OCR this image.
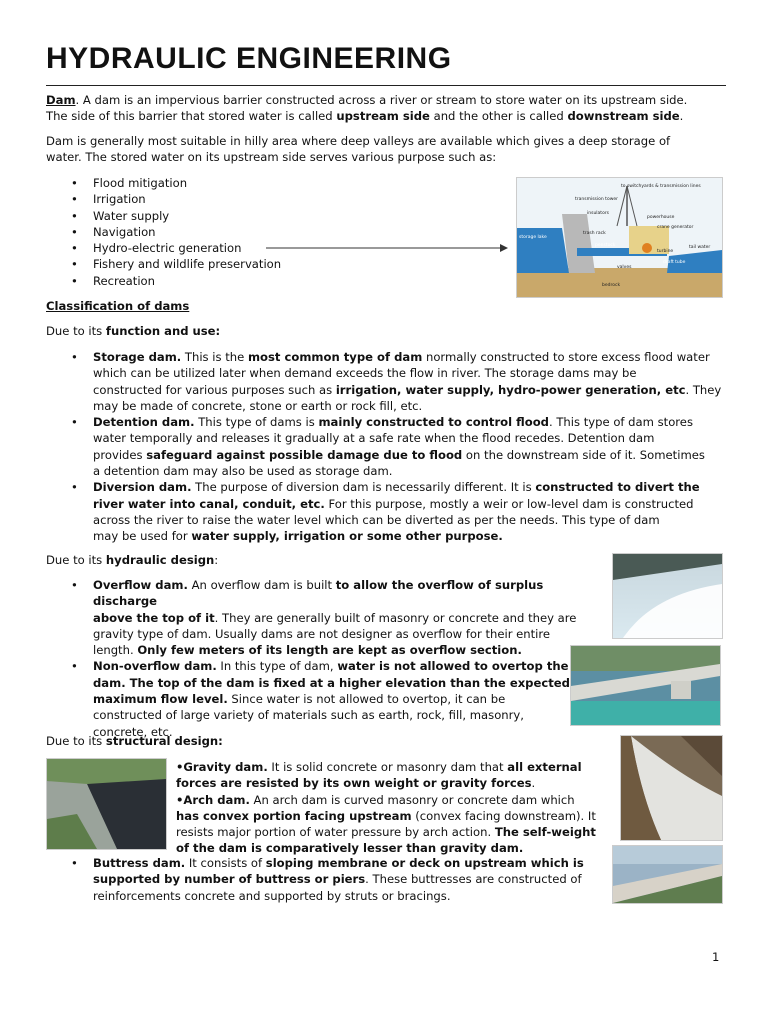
HYDRAULIC ENGINEERING
Dam. A dam is an impervious barrier constructed across a river or stream to store water on its upstream side.
The side of this barrier that stored water is called upstream side and the other is called downstream side.
Dam is generally most suitable in hilly area where deep valleys are available which gives a deep storage of
water. The stored water on its upstream side serves various purpose such as:
• Flood mitigation
• Irrigation
• Water supply
• Navigation
• Hydro-electric generation
• Fishery and wildlife preservation
• Recreation
to switchyards & transmission lines
transmission tower
insulators
powerhouse
crane generator
storage lake
trash rack
penstock
turbine
tail water
valves
draft tube
bedrock
Classification of dams
Due to its function and use:
• Storage dam. This is the most common type of dam normally constructed to store excess flood water
which can be utilized later when demand exceeds the flow in river. The storage dams may be
constructed for various purposes such as irrigation, water supply, hydro-power generation, etc. They
may be made of concrete, stone or earth or rock fill, etc.
• Detention dam. This type of dams is mainly constructed to control flood. This type of dam stores
water temporally and releases it gradually at a safe rate when the flood recedes. Detention dam
provides safeguard against possible damage due to flood on the downstream side of it. Sometimes
a detention dam may also be used as storage dam.
• Diversion dam. The purpose of diversion dam is necessarily different. It is constructed to divert the
river water into canal, conduit, etc. For this purpose, mostly a weir or low-level dam is constructed
across the river to raise the water level which can be diverted as per the needs. This type of dam
may be used for water supply, irrigation or some other purpose.
Due to its hydraulic design:
• Overflow dam. An overflow dam is built to allow the overflow of surplus discharge
above the top of it. They are generally built of masonry or concrete and they are
gravity type of dam. Usually dams are not designer as overflow for their entire
length. Only few meters of its length are kept as overflow section.
• Non-overflow dam. In this type of dam, water is not allowed to overtop the
dam. The top of the dam is fixed at a higher elevation than the expected
maximum flow level. Since water is not allowed to overtop, it can be
constructed of large variety of materials such as earth, rock, fill, masonry,
concrete, etc.
Due to its structural design:
•Gravity dam. It is solid concrete or masonry dam that all external
forces are resisted by its own weight or gravity forces.
•Arch dam. An arch dam is curved masonry or concrete dam which
has convex portion facing upstream (convex facing downstream). It
resists major portion of water pressure by arch action. The self-weight
of the dam is comparatively lesser than gravity dam.
• Buttress dam. It consists of sloping membrane or deck on upstream which is
supported by number of buttress or piers. These buttresses are constructed of
reinforcements concrete and supported by struts or bracings.
1
